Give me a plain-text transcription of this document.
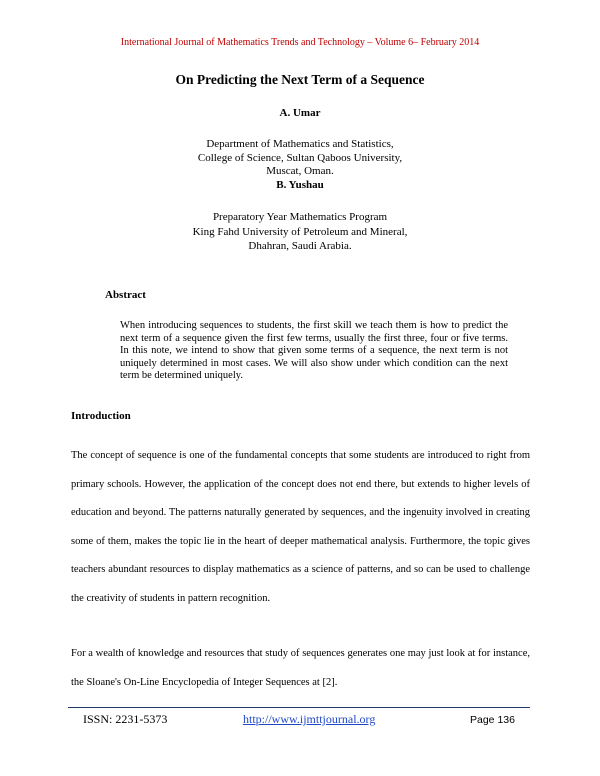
International Journal of Mathematics Trends and Technology – Volume 6– February 2014
On Predicting the Next Term of a Sequence
A. Umar
Department of Mathematics and Statistics,
College of Science, Sultan Qaboos University,
Muscat, Oman.
B. Yushau
Preparatory Year Mathematics Program
King Fahd University of Petroleum and Mineral,
Dhahran, Saudi Arabia.
Abstract

When introducing sequences to students, the first skill we teach them is how to predict the next term of a sequence given the first few terms, usually the first three, four or five terms. In this note, we intend to show that given some terms of a sequence, the next term is not uniquely determined in most cases. We will also show under which condition can the next term be determined uniquely.

Introduction

The concept of sequence is one of the fundamental concepts that some students are introduced to right from primary schools. However, the application of the concept does not end there, but extends to higher levels of education and beyond. The patterns naturally generated by sequences, and the ingenuity involved in creating some of them, makes the topic lie in the heart of deeper mathematical analysis. Furthermore, the topic gives teachers abundant resources to display mathematics as a science of patterns, and so can be used to challenge the creativity of students in pattern recognition.

For a wealth of knowledge and resources that study of sequences generates one may just look at for instance, the Sloane's On-Line Encyclopedia of Integer Sequences at [2].

ISSN: 2231-5373	http://www.ijmttjournal.org	Page 136
